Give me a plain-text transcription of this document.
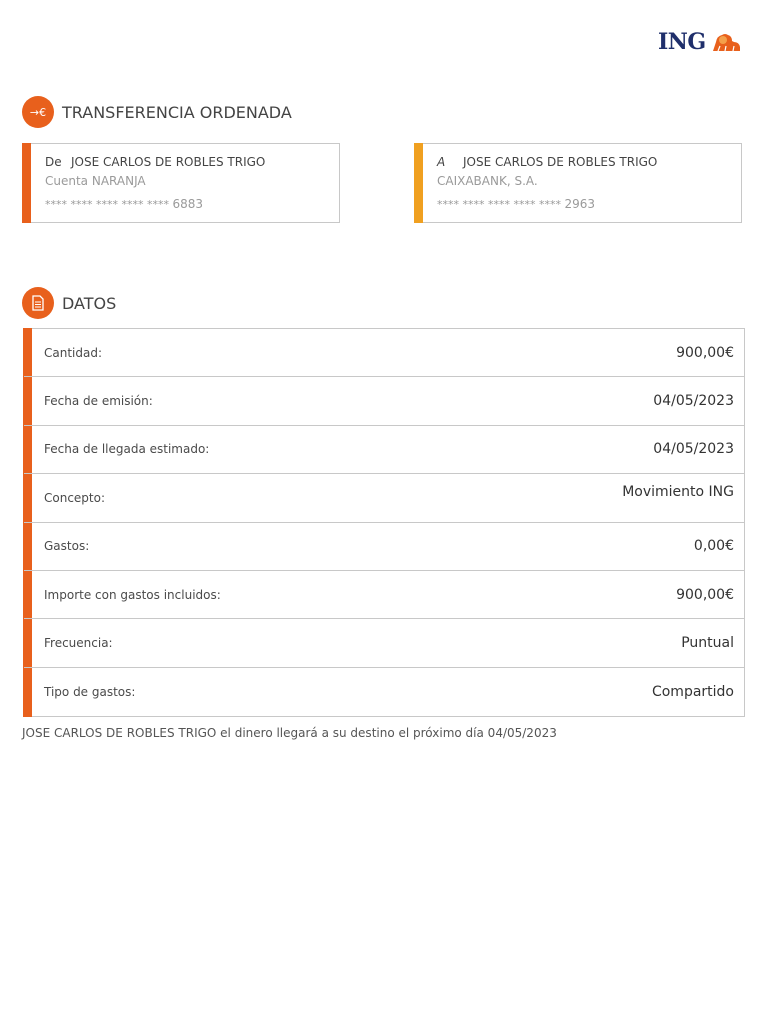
ING
→€ TRANSFERENCIA ORDENADA
De JOSE CARLOS DE ROBLES TRIGO
Cuenta NARANJA
**** **** **** **** **** 6883
A JOSE CARLOS DE ROBLES TRIGO
CAIXABANK, S.A.
**** **** **** **** **** 2963
DATOS
Cantidad:	900,00€
Fecha de emisión:	04/05/2023
Fecha de llegada estimado:	04/05/2023
Concepto:	Movimiento ING
Gastos:	0,00€
Importe con gastos incluidos:	900,00€
Frecuencia:	Puntual
Tipo de gastos:	Compartido
JOSE CARLOS DE ROBLES TRIGO el dinero llegará a su destino el próximo día 04/05/2023
